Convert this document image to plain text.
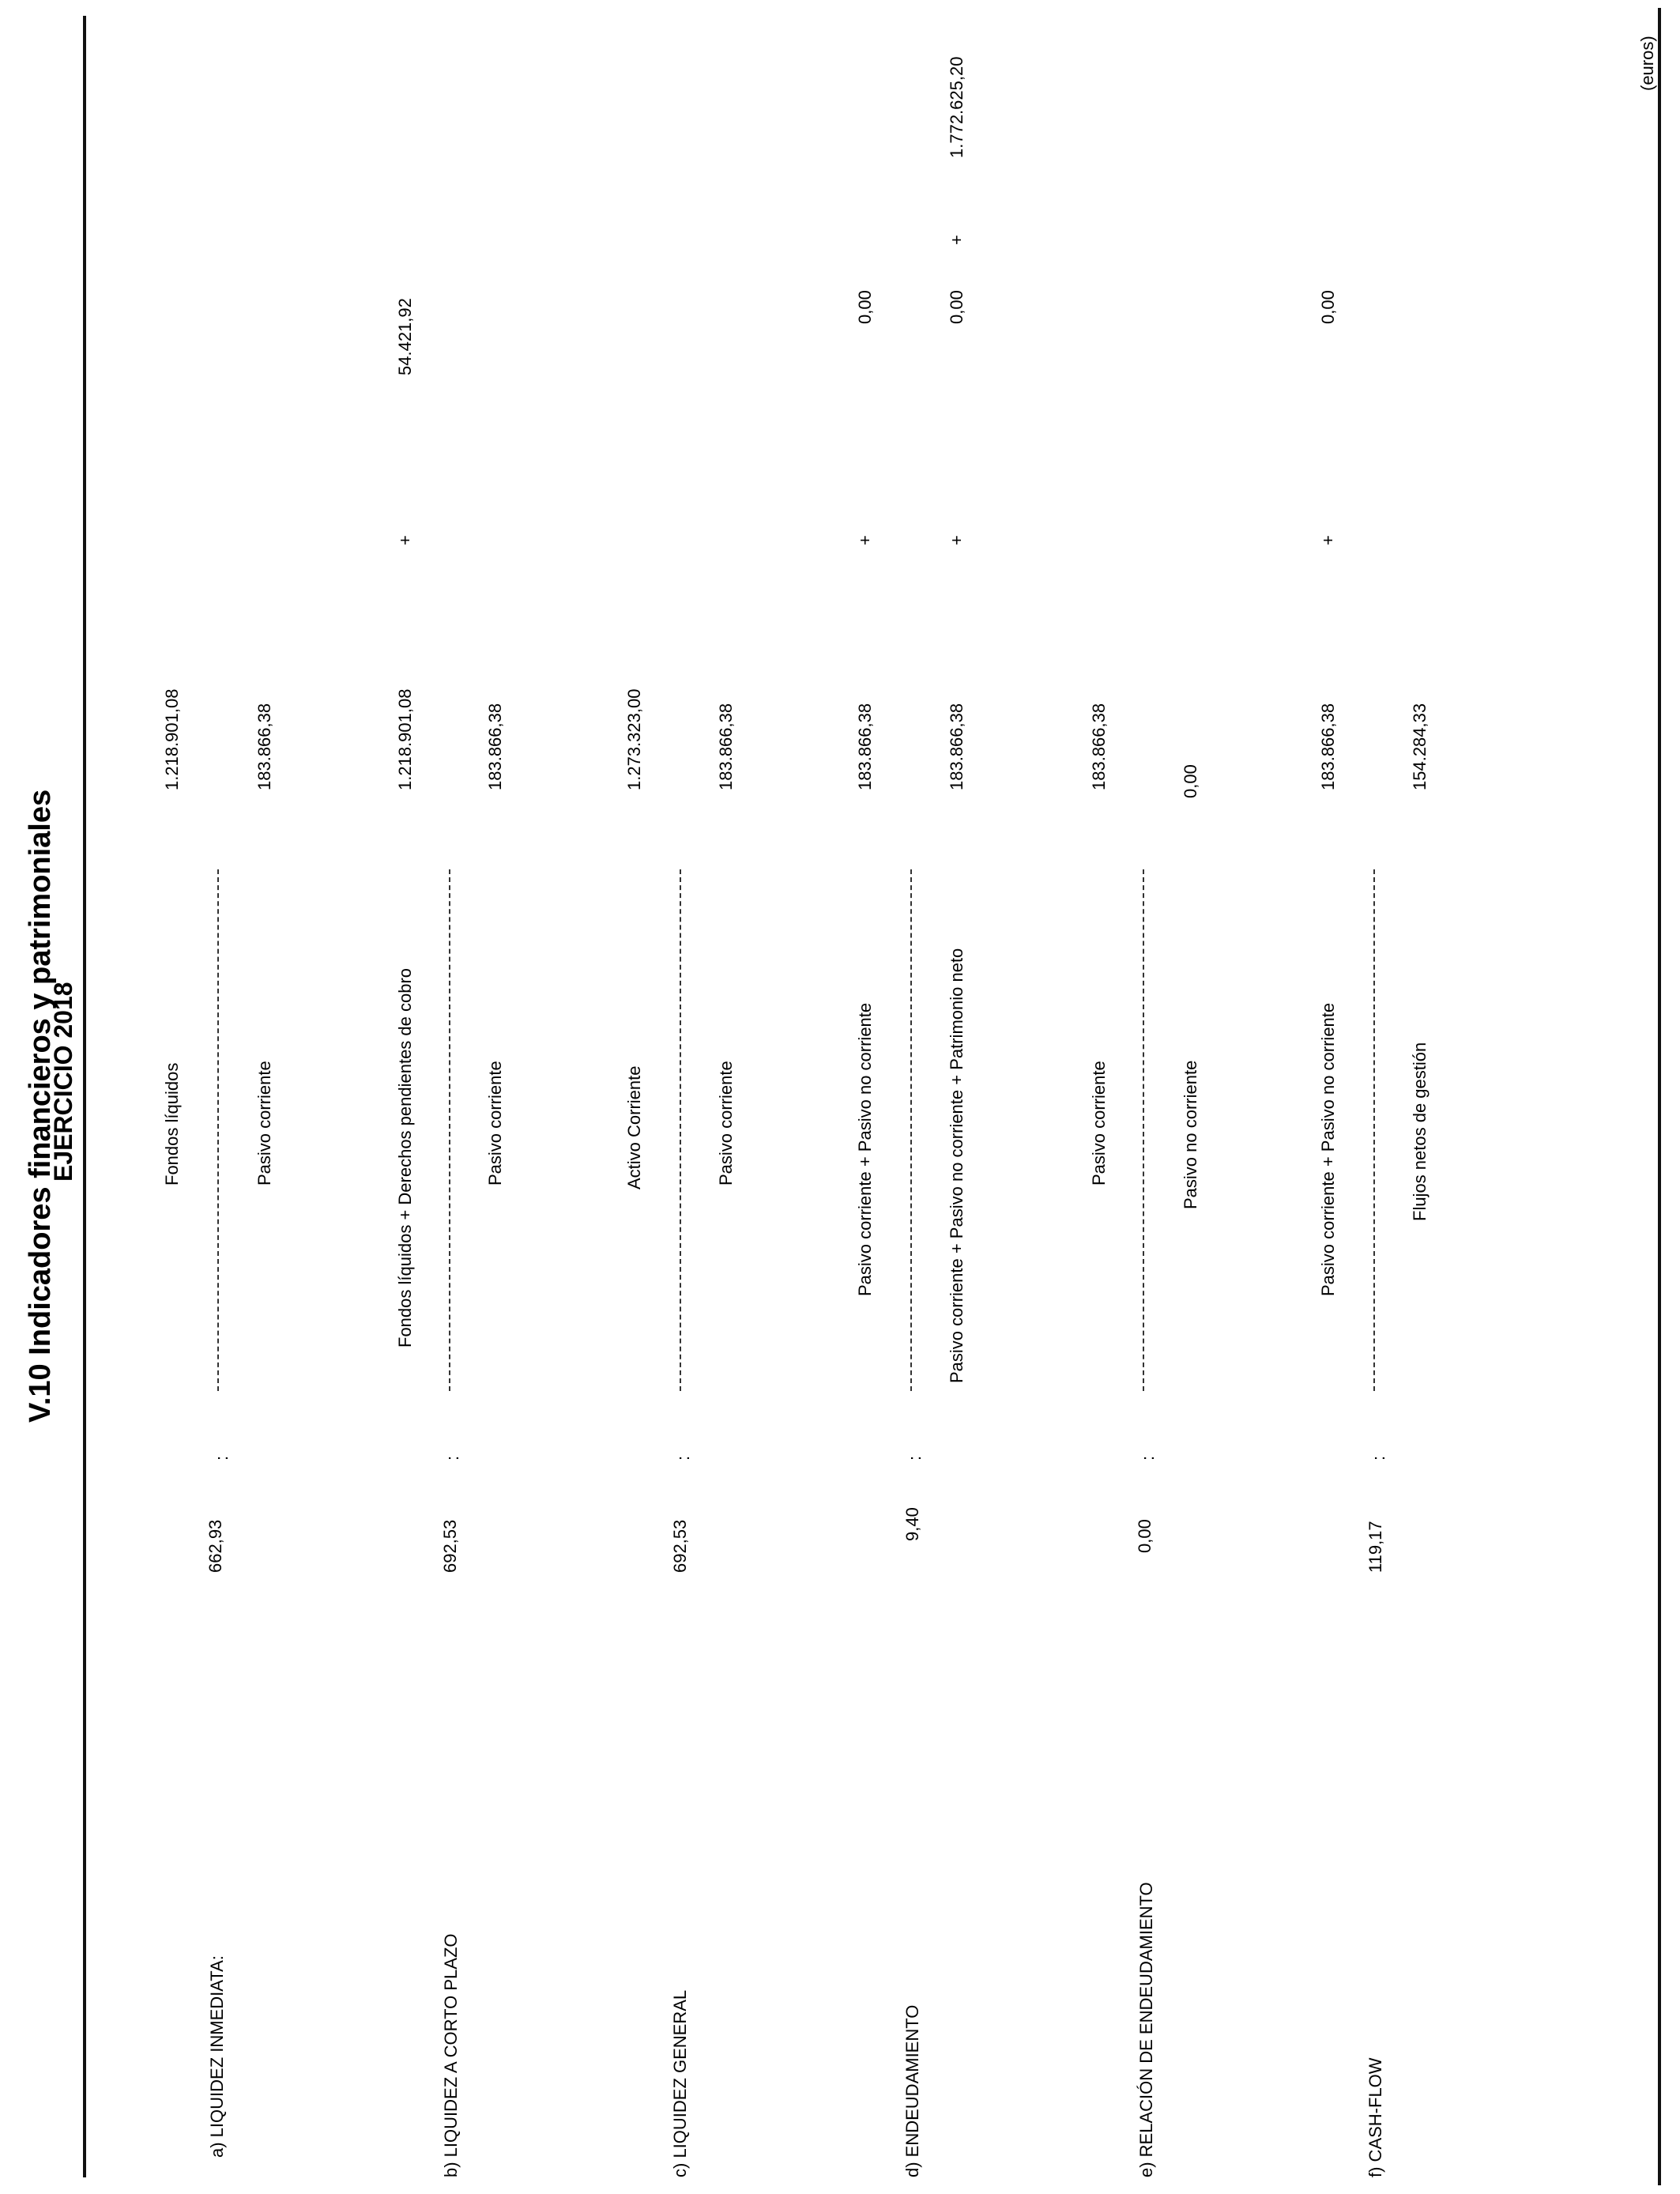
V.10 Indicadores financieros y patrimoniales
EJERCICIO 2018
(euros)
a) LIQUIDEZ INMEDIATA:
662,93
:
Fondos líquidos
1.218.901,08
Pasivo corriente
183.866,38
b) LIQUIDEZ A CORTO PLAZO
692,53
:
Fondos líquidos + Derechos pendientes de cobro
1.218.901,08
+
54.421,92
Pasivo corriente
183.866,38
c) LIQUIDEZ GENERAL
692,53
:
Activo Corriente
1.273.323,00
Pasivo corriente
183.866,38
d) ENDEUDAMIENTO
9,40
:
Pasivo corriente + Pasivo no corriente
183.866,38
+
0,00
Pasivo corriente + Pasivo no corriente + Patrimonio neto
183.866,38
+
0,00
+
1.772.625,20
e) RELACIÓN DE ENDEUDAMIENTO
0,00
:
Pasivo corriente
183.866,38
Pasivo no corriente
0,00
f) CASH-FLOW
119,17
:
Pasivo corriente + Pasivo no corriente
183.866,38
+
0,00
Flujos netos de gestión
154.284,33
